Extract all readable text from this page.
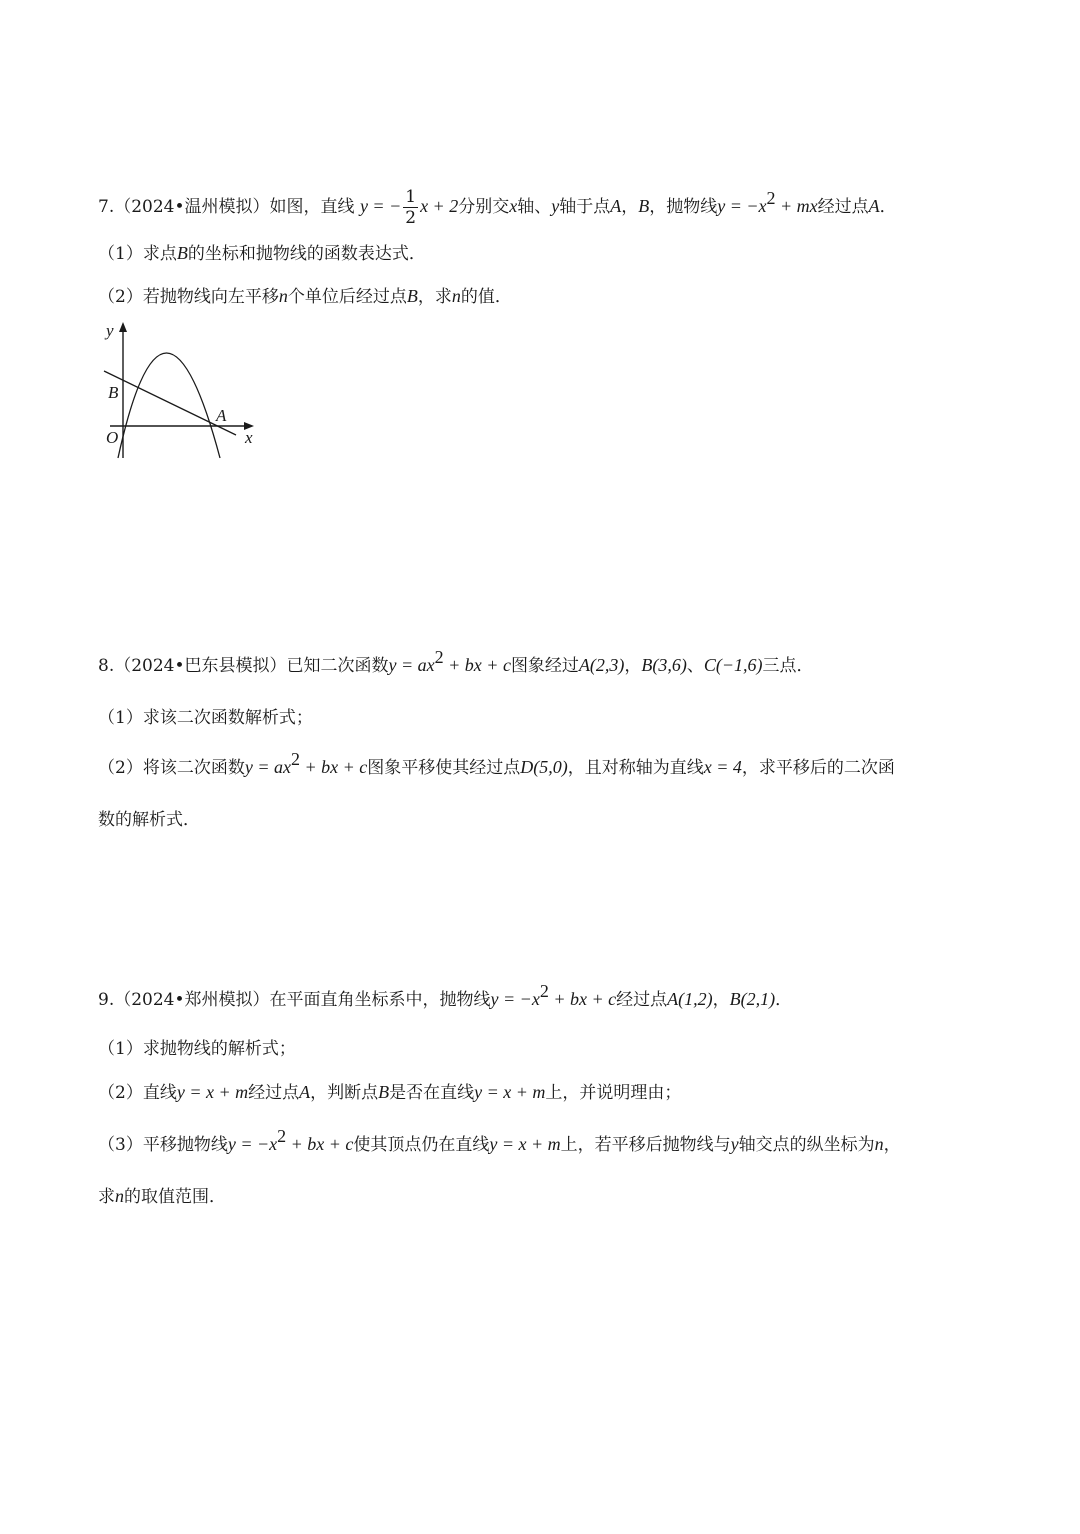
7.（2024•温州模拟）如图，直线 y = − $\frac{1}{2}$ x + 2分别交x轴、y轴于点A，B，抛物线$y = -x^2$ + mx经过点A．
（1）求点B的坐标和抛物线的函数表达式．
（2）若抛物线向左平移n个单位后经过点B，求n的值．
y
x
B
A
O
8.（2024•巴东县模拟）已知二次函数$y = ax^2$ + bx + c图象经过A(2,3)，B(3,6)、C(−1,6)三点．
（1）求该二次函数解析式；
（2）将该二次函数$y = ax^2$ + bx + c图象平移使其经过点D(5,0)，且对称轴为直线x = 4，求平移后的二次函
数的解析式．
9.（2024•郑州模拟）在平面直角坐标系中，抛物线$y = -x^2$ + bx + c经过点A(1,2)，B(2,1)．
（1）求抛物线的解析式；
（2）直线y = x + m经过点A，判断点B是否在直线y = x + m上，并说明理由；
（3）平移抛物线$y = -x^2$ + bx + c使其顶点仍在直线y = x + m上，若平移后抛物线与y轴交点的纵坐标为n，
求n的取值范围．
